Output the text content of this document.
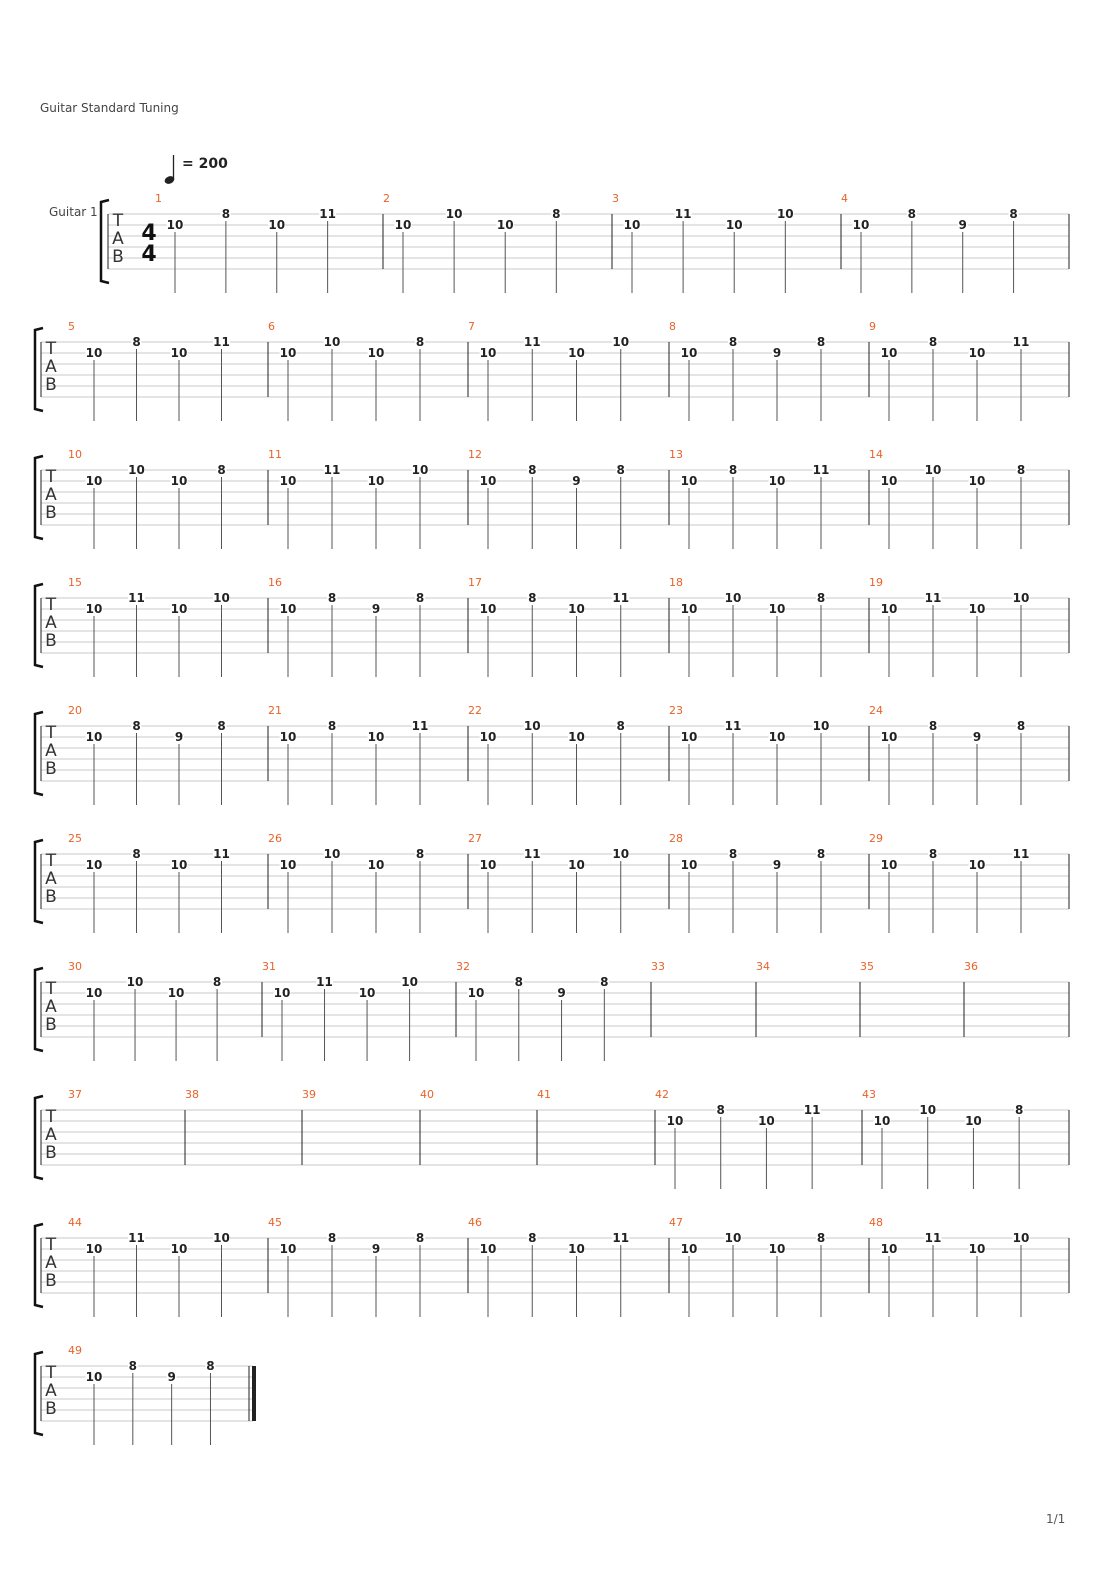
Guitar Standard Tuning
= 200
Guitar 1 T
A
B
4
4
1
10
8
10
11
2
10
10
10
8
3
10
11
10
10
4
10
8
9
8
T
A
B
5
10
8
10
11
6
10
10
10
8
7
10
11
10
10
8
10
8
9
8
9
10
8
10
11
T
A
B
10
10
10
10
8
11
10
11
10
10
12
10
8
9
8
13
10
8
10
11
14
10
10
10
8
T
A
B
15
10
11
10
10
16
10
8
9
8
17
10
8
10
11
18
10
10
10
8
19
10
11
10
10
T
A
B
20
10
8
9
8
21
10
8
10
11
22
10
10
10
8
23
10
11
10
10
24
10
8
9
8
T
A
B
25
10
8
10
11
26
10
10
10
8
27
10
11
10
10
28
10
8
9
8
29
10
8
10
11
T
A
B
30
10
10
10
8
31
10
11
10
10
32
10
8
9
8
33	34	35	36
T
A
B
37	38	39	40	41	42
10
8
10
11
43
10
10
10
8
T
A
B
44
10
11
10
10
45
10
8
9
8
46
10
8
10
11
47
10
10
10
8
48
10
11
10
10
T
A
B
49
10
8
9
8
1/1
